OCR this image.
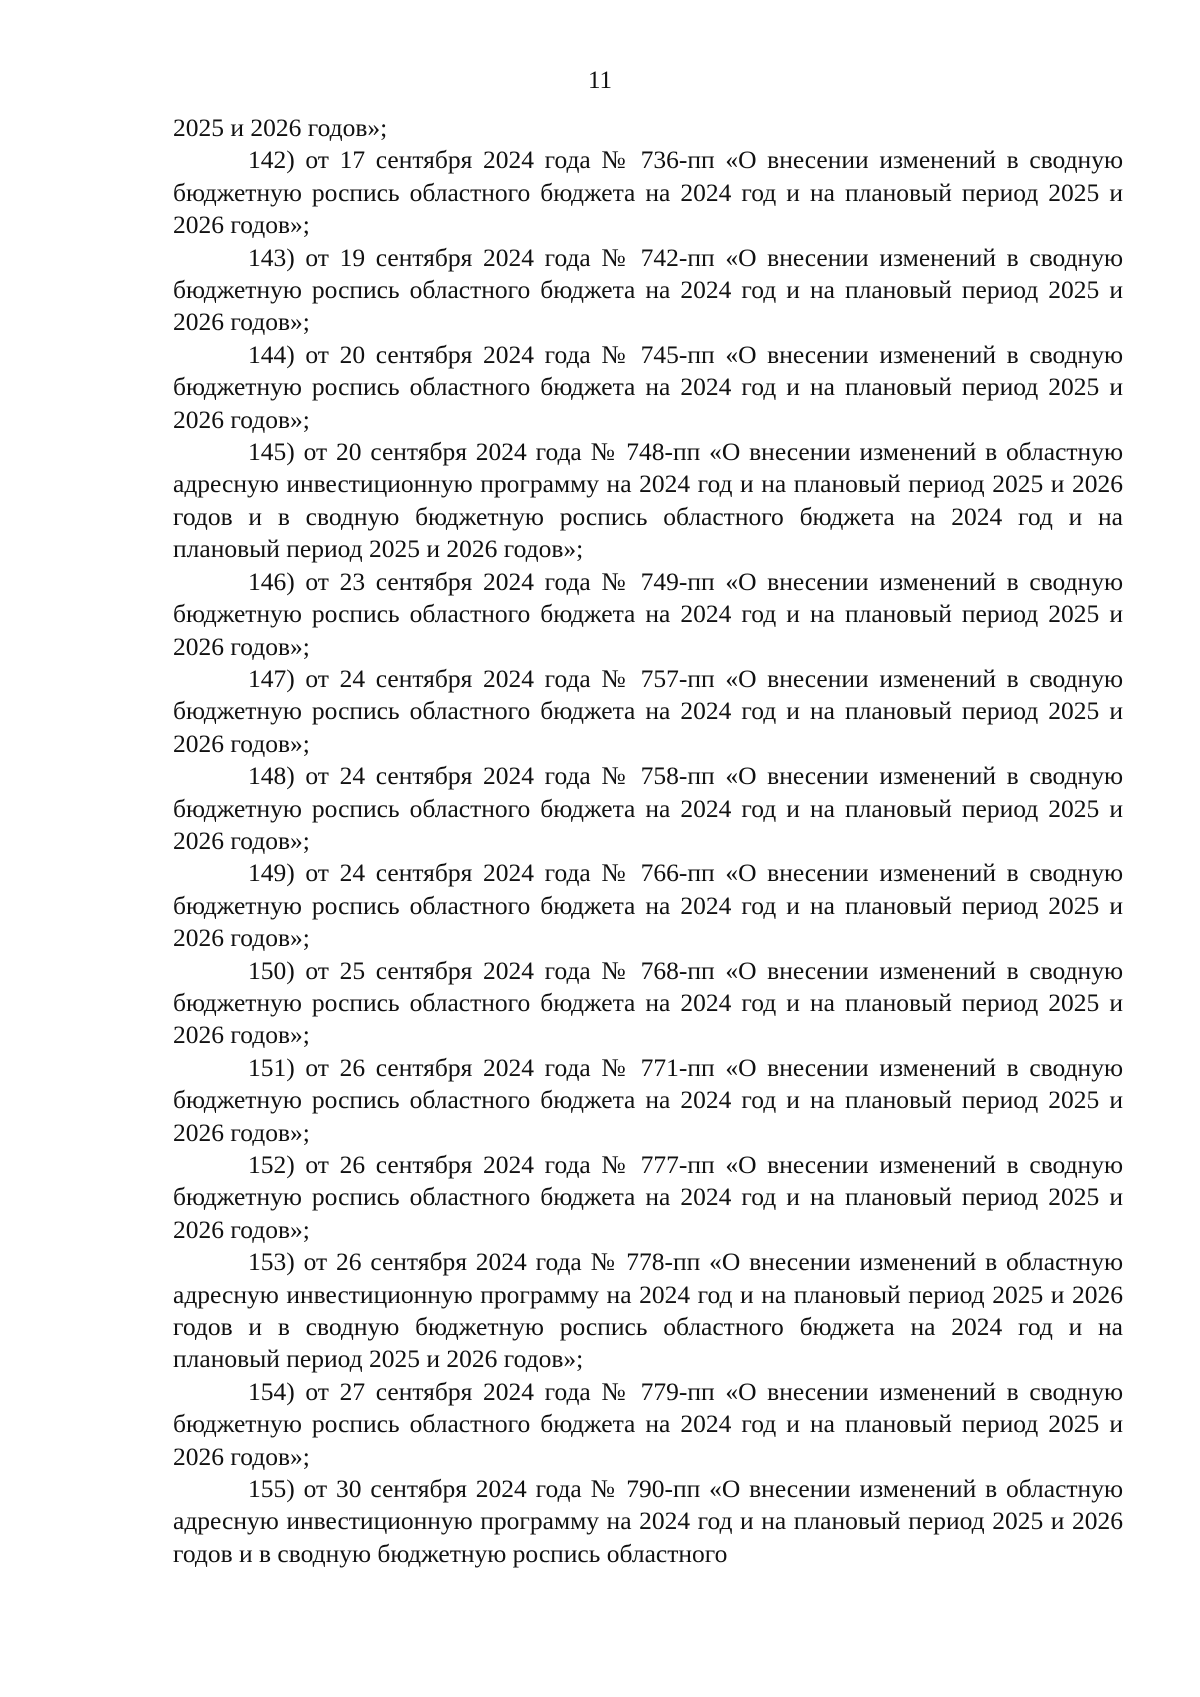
11

2025 и 2026 годов»;

142) от 17 сентября 2024 года № 736-пп «О внесении изменений в сводную бюджетную роспись областного бюджета на 2024 год и на плановый период 2025 и 2026 годов»;

143) от 19 сентября 2024 года № 742-пп «О внесении изменений в сводную бюджетную роспись областного бюджета на 2024 год и на плановый период 2025 и 2026 годов»;

144) от 20 сентября 2024 года № 745-пп «О внесении изменений в сводную бюджетную роспись областного бюджета на 2024 год и на плановый период 2025 и 2026 годов»;

145) от 20 сентября 2024 года № 748-пп «О внесении изменений в областную адресную инвестиционную программу на 2024 год и на плановый период 2025 и 2026 годов и в сводную бюджетную роспись областного бюджета на 2024 год и на плановый период 2025 и 2026 годов»;

146) от 23 сентября 2024 года № 749-пп «О внесении изменений в сводную бюджетную роспись областного бюджета на 2024 год и на плановый период 2025 и 2026 годов»;

147) от 24 сентября 2024 года № 757-пп «О внесении изменений в сводную бюджетную роспись областного бюджета на 2024 год и на плановый период 2025 и 2026 годов»;

148) от 24 сентября 2024 года № 758-пп «О внесении изменений в сводную бюджетную роспись областного бюджета на 2024 год и на плановый период 2025 и 2026 годов»;

149) от 24 сентября 2024 года № 766-пп «О внесении изменений в сводную бюджетную роспись областного бюджета на 2024 год и на плановый период 2025 и 2026 годов»;

150) от 25 сентября 2024 года № 768-пп «О внесении изменений в сводную бюджетную роспись областного бюджета на 2024 год и на плановый период 2025 и 2026 годов»;

151) от 26 сентября 2024 года № 771-пп «О внесении изменений в сводную бюджетную роспись областного бюджета на 2024 год и на плановый период 2025 и 2026 годов»;

152) от 26 сентября 2024 года № 777-пп «О внесении изменений в сводную бюджетную роспись областного бюджета на 2024 год и на плановый период 2025 и 2026 годов»;

153) от 26 сентября 2024 года № 778-пп «О внесении изменений в областную адресную инвестиционную программу на 2024 год и на плановый период 2025 и 2026 годов и в сводную бюджетную роспись областного бюджета на 2024 год и на плановый период 2025 и 2026 годов»;

154) от 27 сентября 2024 года № 779-пп «О внесении изменений в сводную бюджетную роспись областного бюджета на 2024 год и на плановый период 2025 и 2026 годов»;

155) от 30 сентября 2024 года № 790-пп «О внесении изменений в областную адресную инвестиционную программу на 2024 год и на плановый период 2025 и 2026 годов и в сводную бюджетную роспись областного
